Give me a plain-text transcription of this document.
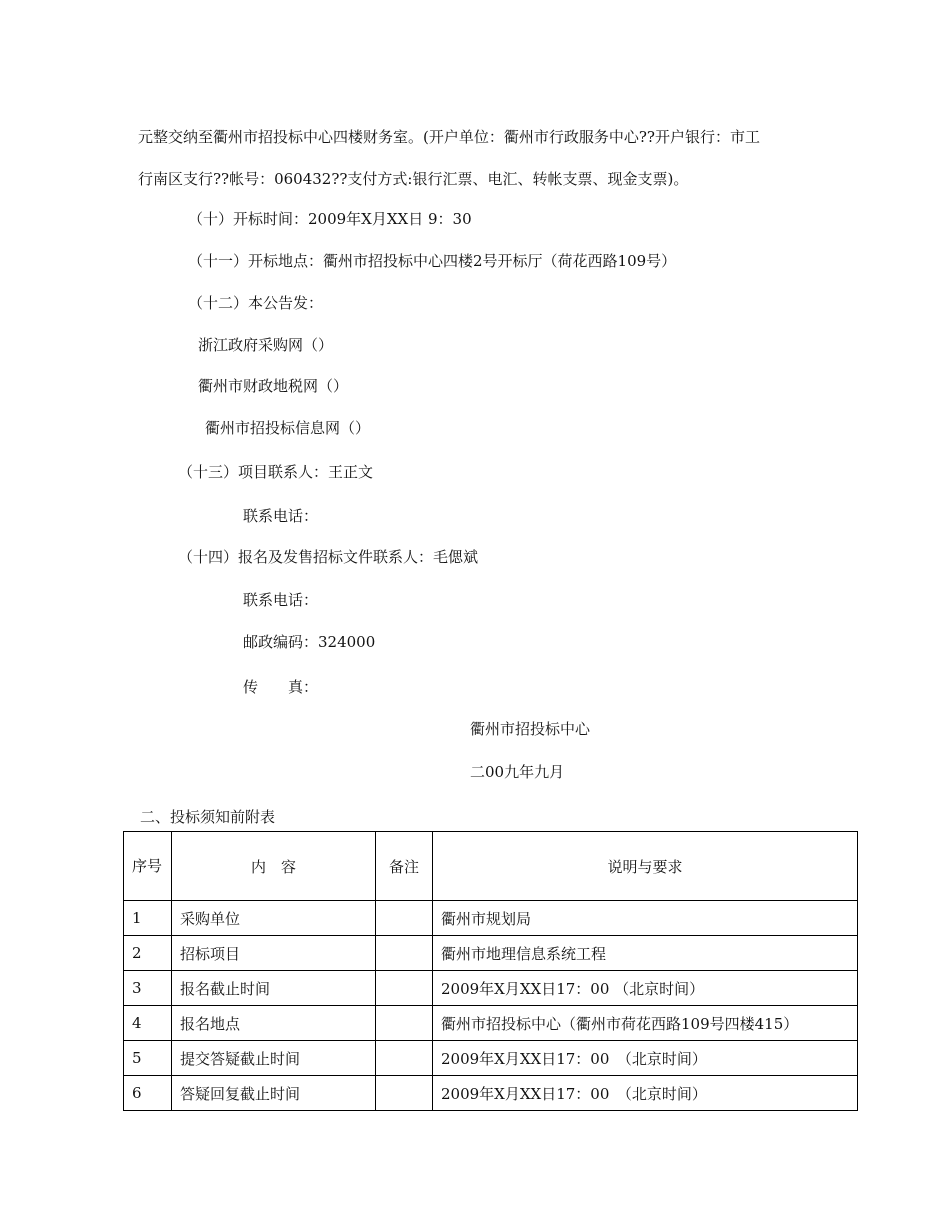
元整交纳至衢州市招投标中心四楼财务室。(开户单位：衢州市行政服务中心??开户银行：市工
行南区支行??帐号：060432??支付方式:银行汇票、电汇、转帐支票、现金支票)。
（十）开标时间：2009年X月XX日 9：30
（十一）开标地点：衢州市招投标中心四楼2号开标厅（荷花西路109号）
（十二）本公告发：
浙江政府采购网（）
衢州市财政地税网（）
衢州市招投标信息网（）
（十三）项目联系人：王正文
联系电话：
（十四）报名及发售招标文件联系人：毛偲斌
联系电话：
邮政编码：324000
传　　真：
衢州市招投标中心
二00九年九月
二、投标须知前附表
序号	内　容	备注	说明与要求
1	采购单位		衢州市规划局
2	招标项目		衢州市地理信息系统工程
3	报名截止时间		2009年X月XX日17：00 （北京时间）
4	报名地点		衢州市招投标中心（衢州市荷花西路109号四楼415）
5	提交答疑截止时间		2009年X月XX日17：00　（北京时间）
6	答疑回复截止时间		2009年X月XX日17：00　（北京时间）
